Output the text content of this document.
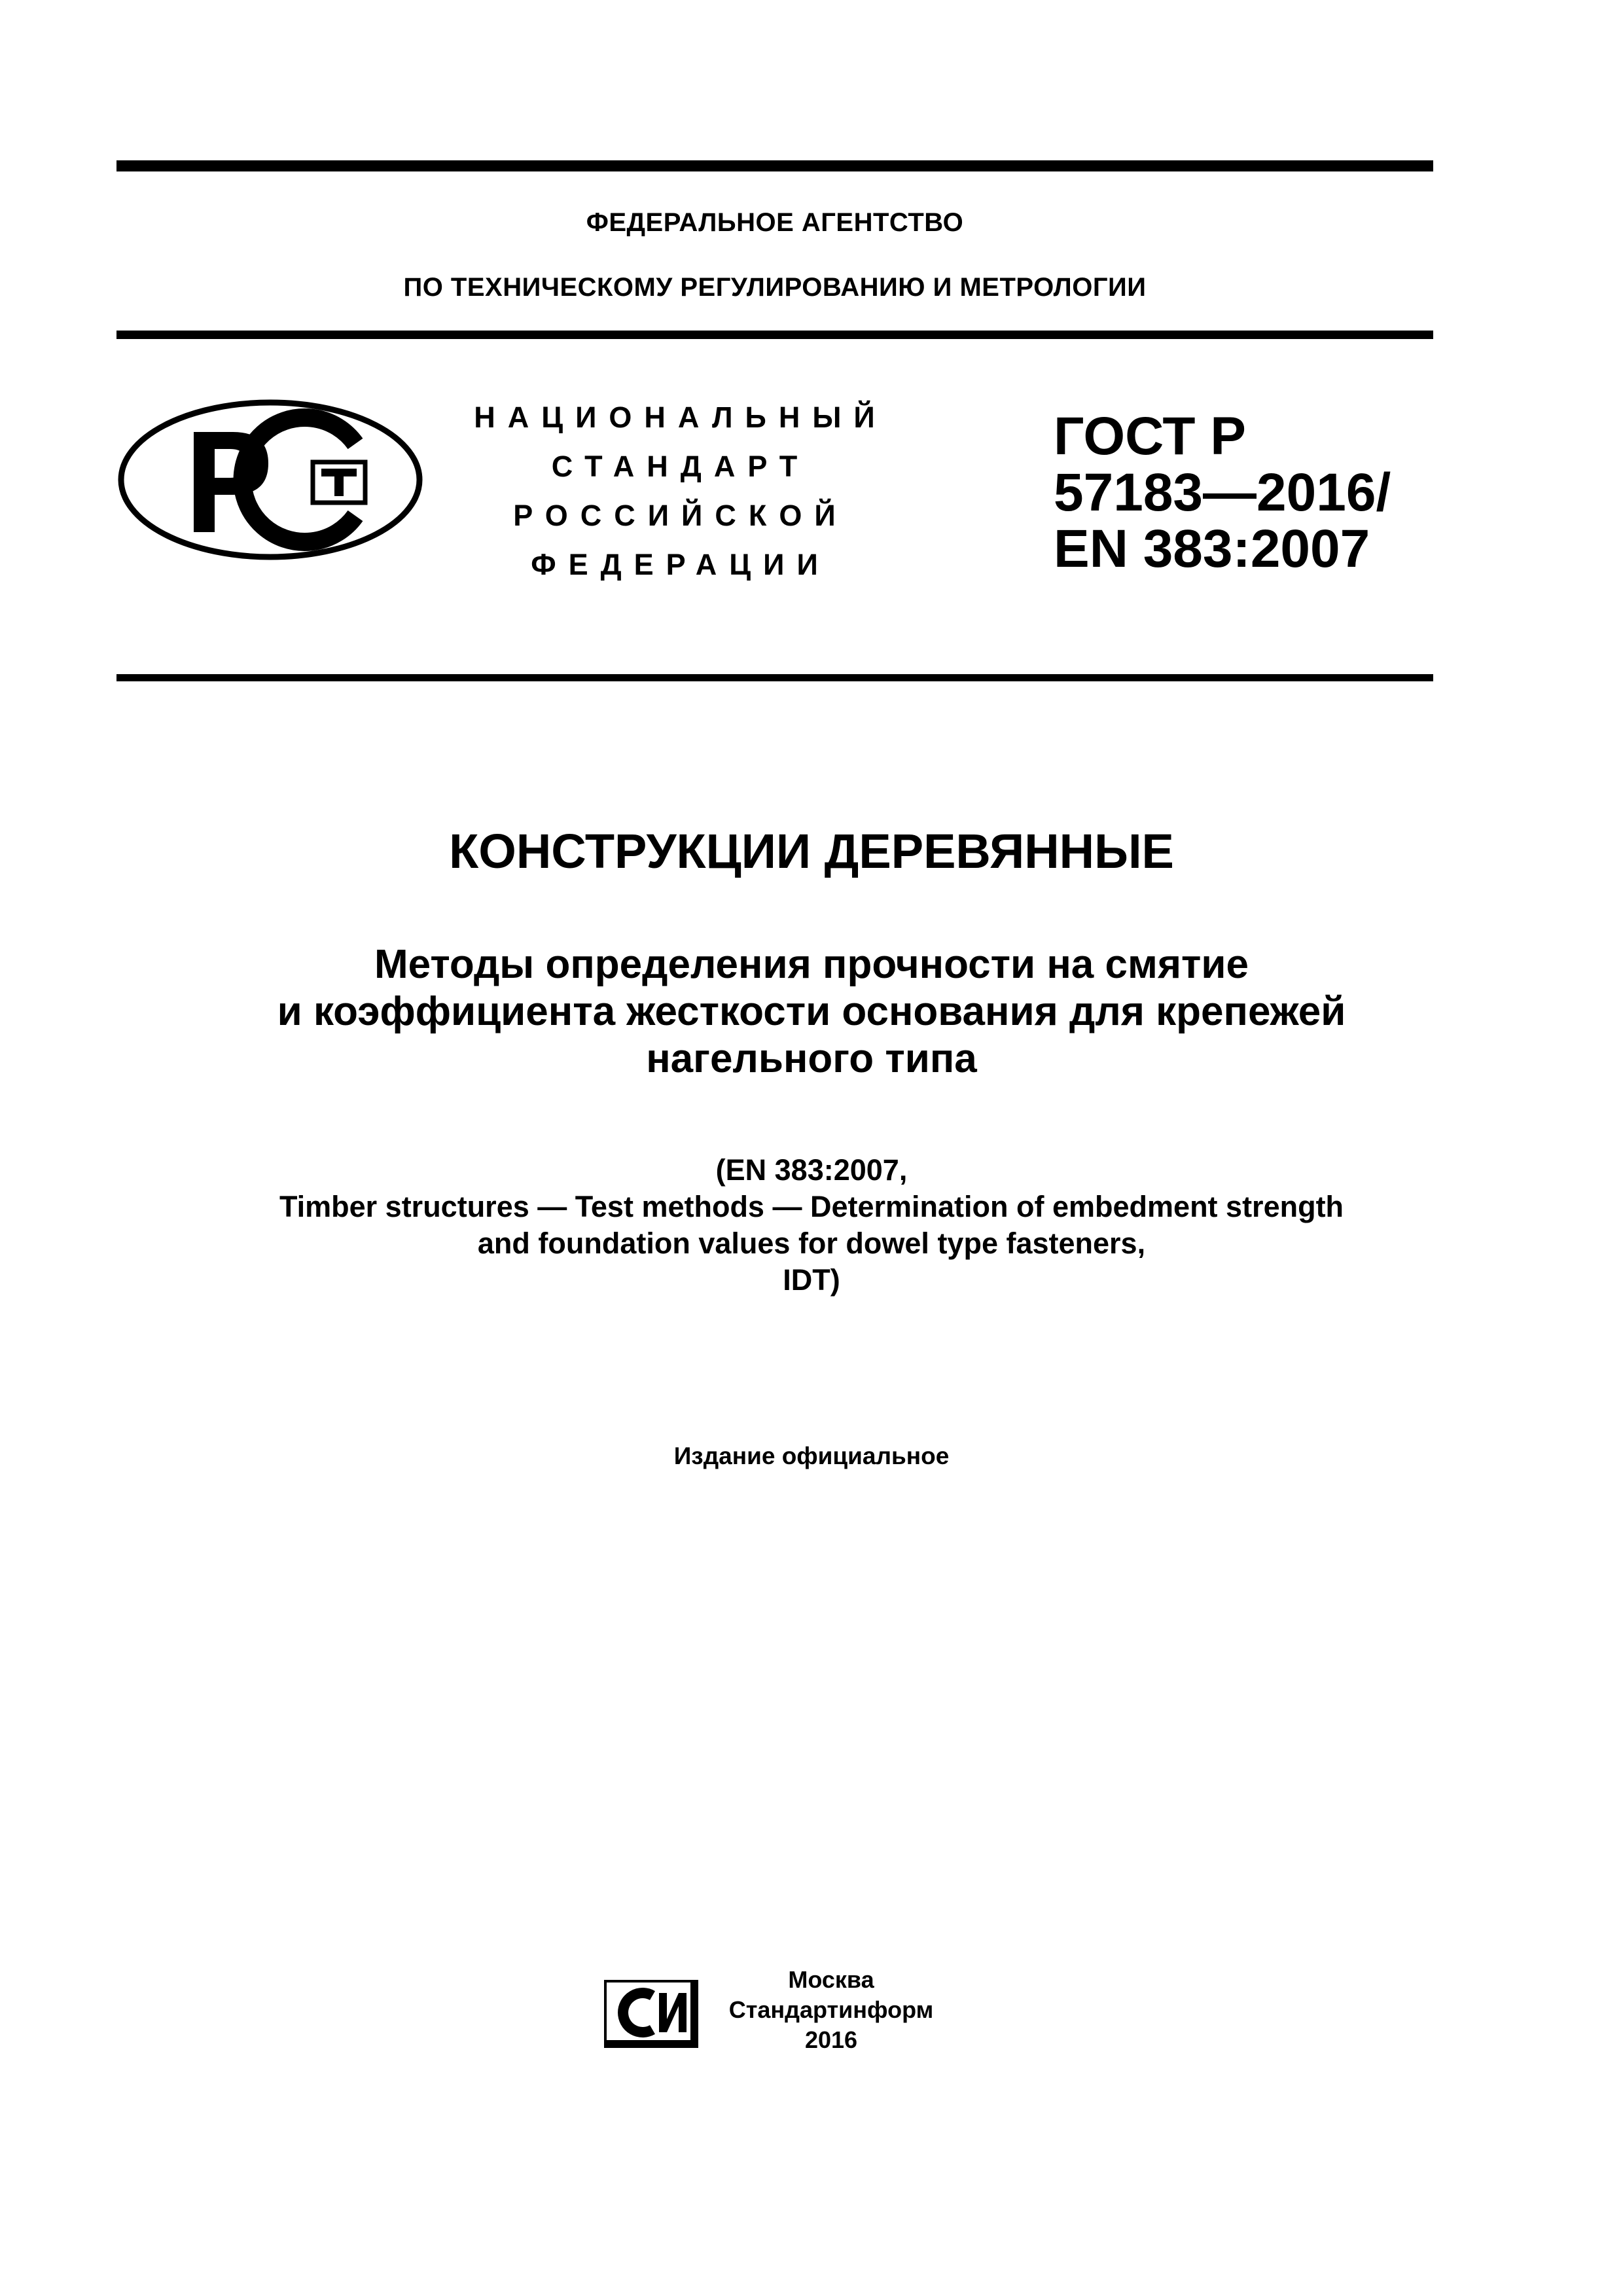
ФЕДЕРАЛЬНОЕ АГЕНТСТВО
ПО ТЕХНИЧЕСКОМУ РЕГУЛИРОВАНИЮ И МЕТРОЛОГИИ
НАЦИОНАЛЬНЫЙ
СТАНДАРТ
РОССИЙСКОЙ
ФЕДЕРАЦИИ
ГОСТ Р
57183—2016/
EN 383:2007
КОНСТРУКЦИИ ДЕРЕВЯННЫЕ
Методы определения прочности на смятие
и коэффициента жесткости основания для крепежей
нагельного типа
(EN 383:2007,
Timber structures — Test methods — Determination of embedment strength
and foundation values for dowel type fasteners,
IDT)
Издание официальное
Москва
Стандартинформ
2016
